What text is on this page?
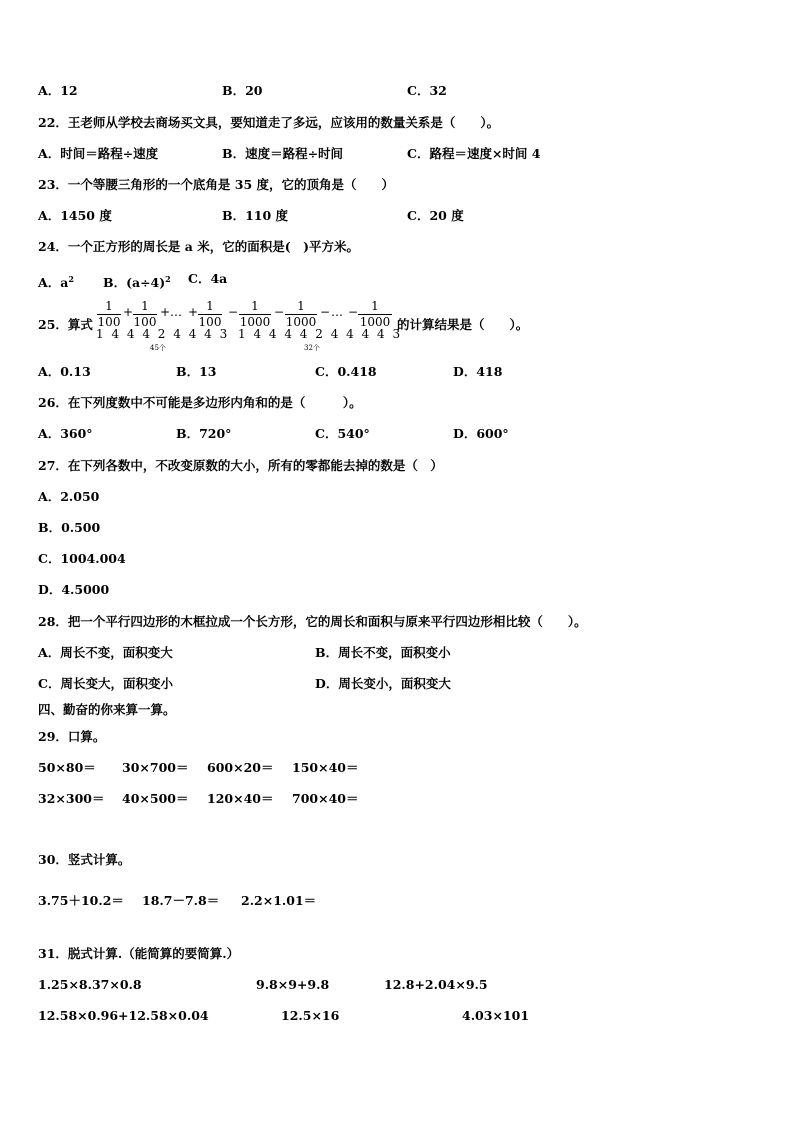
A．12	B．20	C．32
22．王老师从学校去商场买文具，要知道走了多远，应该用的数量关系是（　　）。
A．时间＝路程÷速度	B．速度＝路程÷时间	C．路程＝速度×时间 4
23．一个等腰三角形的一个底角是 35 度，它的顶角是（　　）
A．1450 度	B．110 度	C．20 度
24．一个正方形的周长是 a 米，它的面积是(　)平方米。
A．$a^2$ B．$(a\div 4)^2$ C．4a
25．算式
1
100
+ 1
100
+ … + 1
100
−	1
1000
−	1
1000
− … −	1
1000
1 4 4 4 2 4 4 4 3 1 4 4 4 4 2 4 4 4 4 3
45个	32个
的计算结果是（　　）。
A．0.13	B．13	C．0.418	D．418
26．在下列度数中不可能是多边形内角和的是（　　　）。
A．360°	B．720°	C．540°	D．600°
27．在下列各数中，不改变原数的大小，所有的零都能去掉的数是（　）
A．2.050
B．0.500
C．1004.004
D．4.5000
28．把一个平行四边形的木框拉成一个长方形，它的周长和面积与原来平行四边形相比较（　　）。
A．周长不变，面积变大	B．周长不变，面积变小
C．周长变大，面积变小	D．周长变小，面积变大
四、勤奋的你来算一算。
29．口算。
50×80＝ 30×700＝ 600×20＝ 150×40＝
32×300＝ 40×500＝ 120×40＝ 700×40＝
30．竖式计算。
3.75＋10.2＝ 18.7－7.8＝ 2.2×1.01＝
31．脱式计算.（能简算的要简算.）
1.25×8.37×0.8	9.8×9+9.8	12.8+2.04×9.5
12.58×0.96+12.58×0.04	12.5×16	4.03×101
